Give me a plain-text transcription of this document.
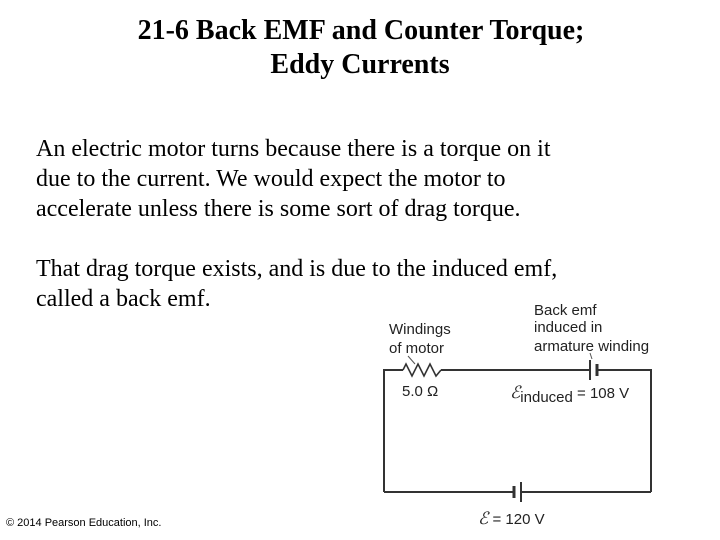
21-6 Back EMF and Counter Torque;
Eddy Currents
An electric motor turns because there is a torque on it
due to the current. We would expect the motor to
accelerate unless there is some sort of drag torque.
That drag torque exists, and is due to the induced emf,
called a back emf.
Windings of motor
Back emf induced in armature winding
5.0 Ω	ℰinduced = 108 V
ℰ = 120 V
© 2014 Pearson Education, Inc.
